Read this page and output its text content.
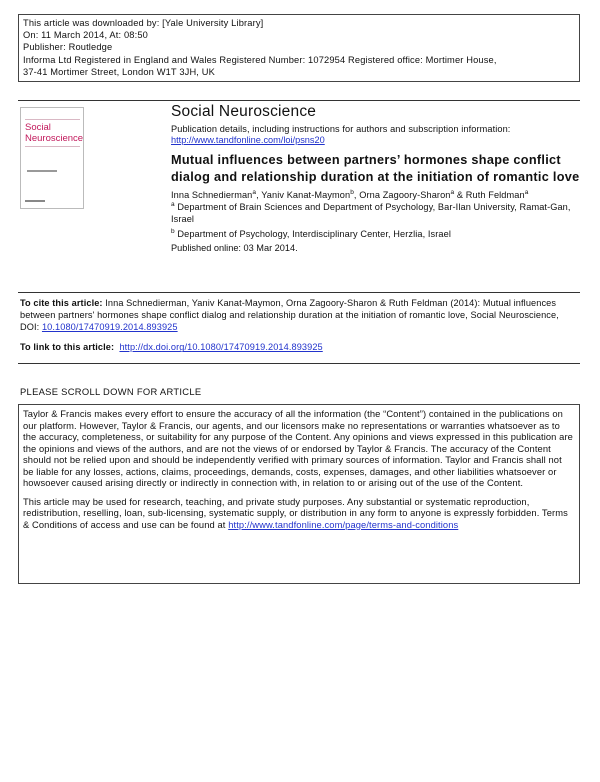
This article was downloaded by: [Yale University Library]
On: 11 March 2014, At: 08:50
Publisher: Routledge
Informa Ltd Registered in England and Wales Registered Number: 1072954 Registered office: Mortimer House,
37-41 Mortimer Street, London W1T 3JH, UK
Social
Neuroscience
Social Neuroscience
Publication details, including instructions for authors and subscription information:
http://www.tandfonline.com/loi/psns20
Mutual influences between partners’ hormones shape conflict dialog and relationship duration at the initiation of romantic love
Inna Schnedierman$^a$, Yaniv Kanat-Maymon$^b$, Orna Zagoory-Sharon$^a$ & Ruth Feldman$^a$
$^a$ Department of Brain Sciences and Department of Psychology, Bar-Ilan University, Ramat-Gan, Israel
$^b$ Department of Psychology, Interdisciplinary Center, Herzlia, Israel
Published online: 03 Mar 2014.
To cite this article: Inna Schnedierman, Yaniv Kanat-Maymon, Orna Zagoory-Sharon & Ruth Feldman (2014): Mutual influences between partners' hormones shape conflict dialog and relationship duration at the initiation of romantic love, Social Neuroscience, DOI: 10.1080/17470919.2014.893925
To link to this article: http://dx.doi.org/10.1080/17470919.2014.893925
PLEASE SCROLL DOWN FOR ARTICLE

Taylor & Francis makes every effort to ensure the accuracy of all the information (the “Content”) contained in the publications on our platform. However, Taylor & Francis, our agents, and our licensors make no representations or warranties whatsoever as to the accuracy, completeness, or suitability for any purpose of the Content. Any opinions and views expressed in this publication are the opinions and views of the authors, and are not the views of or endorsed by Taylor & Francis. The accuracy of the Content should not be relied upon and should be independently verified with primary sources of information. Taylor and Francis shall not be liable for any losses, actions, claims, proceedings, demands, costs, expenses, damages, and other liabilities whatsoever or howsoever caused arising directly or indirectly in connection with, in relation to or arising out of the use of the Content.

This article may be used for research, teaching, and private study purposes. Any substantial or systematic reproduction, redistribution, reselling, loan, sub-licensing, systematic supply, or distribution in any form to anyone is expressly forbidden. Terms & Conditions of access and use can be found at http://www.tandfonline.com/page/terms-and-conditions
